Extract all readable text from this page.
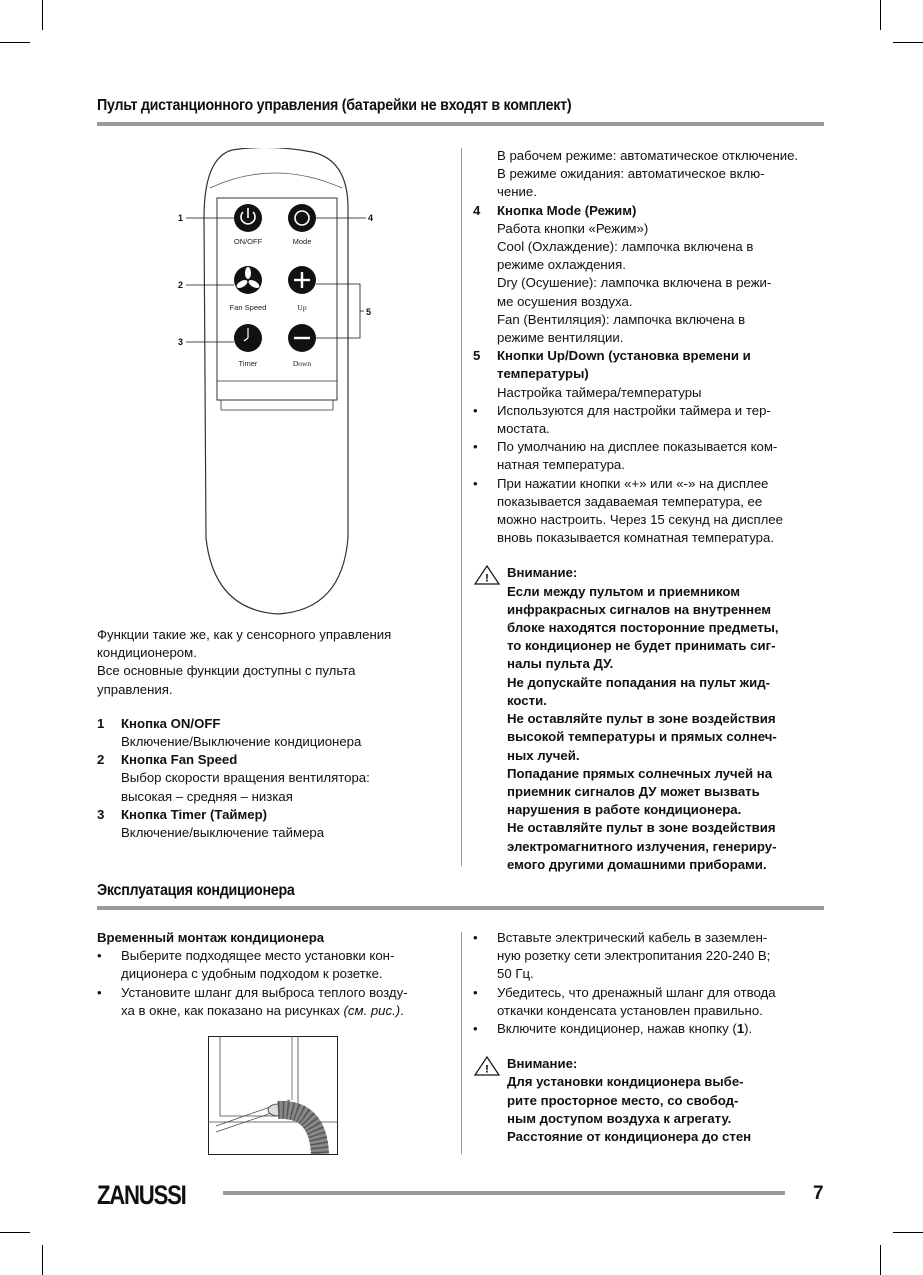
Пульт дистанционного управления (батарейки не входят в комплект)
ON/OFF	Mode
Fan Speed	Up
Timer	Down
1	4
2
3
5
Функции такие же, как у сенсорного управления
кондиционером.
Все основные функции доступны с пульта
управления.
1	Кнопка ON/OFF
Включение/Выключение кондиционера
2	Кнопка Fan Speed
Выбор скорости вращения вентилятора:
высокая – средняя – низкая
3	Кнопка Timer (Таймер)
Включение/выключение таймера
В рабочем режиме: автоматическое отключение.
В режиме ожидания: автоматическое вклю-
чение.
4	Кнопка Mode (Режим)
Работа кнопки «Режим»)
Cool (Охлаждение): лампочка включена в
режиме охлаждения.
Dry (Осушение): лампочка включена в режи-
ме осушения воздуха.
Fan (Вентиляция): лампочка включена в
режиме вентиляции.
5	Кнопки Up/Down (установка времени и
температуры)
Настройка таймера/температуры
•	Используются для настройки таймера и тер-
мостата.
•	По умолчанию на дисплее показывается ком-
натная температура.
•	При нажатии кнопки «+» или «-» на дисплее
показывается задаваемая температура, ее
можно настроить. Через 15 секунд на дисплее
вновь показывается комнатная температура.
! Внимание:
Если между пультом и приемником
инфракрасных сигналов на внутреннем
блоке находятся посторонние предметы,
то кондиционер не будет принимать сиг-
налы пульта ДУ.
Не допускайте попадания на пульт жид-
кости.
Не оставляйте пульт в зоне воздействия
высокой температуры и прямых солнеч-
ных лучей.
Попадание прямых солнечных лучей на
приемник сигналов ДУ может вызвать
нарушения в работе кондиционера.
Не оставляйте пульт в зоне воздействия
электромагнитного излучения, генериру-
емого другими домашними приборами.
Эксплуатация кондиционера
Временный монтаж кондиционера
•	Выберите подходящее место установки кон-
диционера с удобным подходом к розетке.
•	Установите шланг для выброса теплого возду-
ха в окне, как показано на рисунках (см. рис.).
•	Вставьте электрический кабель в заземлен-
ную розетку сети электропитания 220-240 В;
50 Гц.
•	Убедитесь, что дренажный шланг для отвода
откачки конденсата установлен правильно.
•	Включите кондиционер, нажав кнопку (1).
! Внимание:
Для установки кондиционера выбе-
рите просторное место, со свобод-
ным доступом воздуха к агрегату.
Расстояние от кондиционера до стен
ZANUSSI	7
